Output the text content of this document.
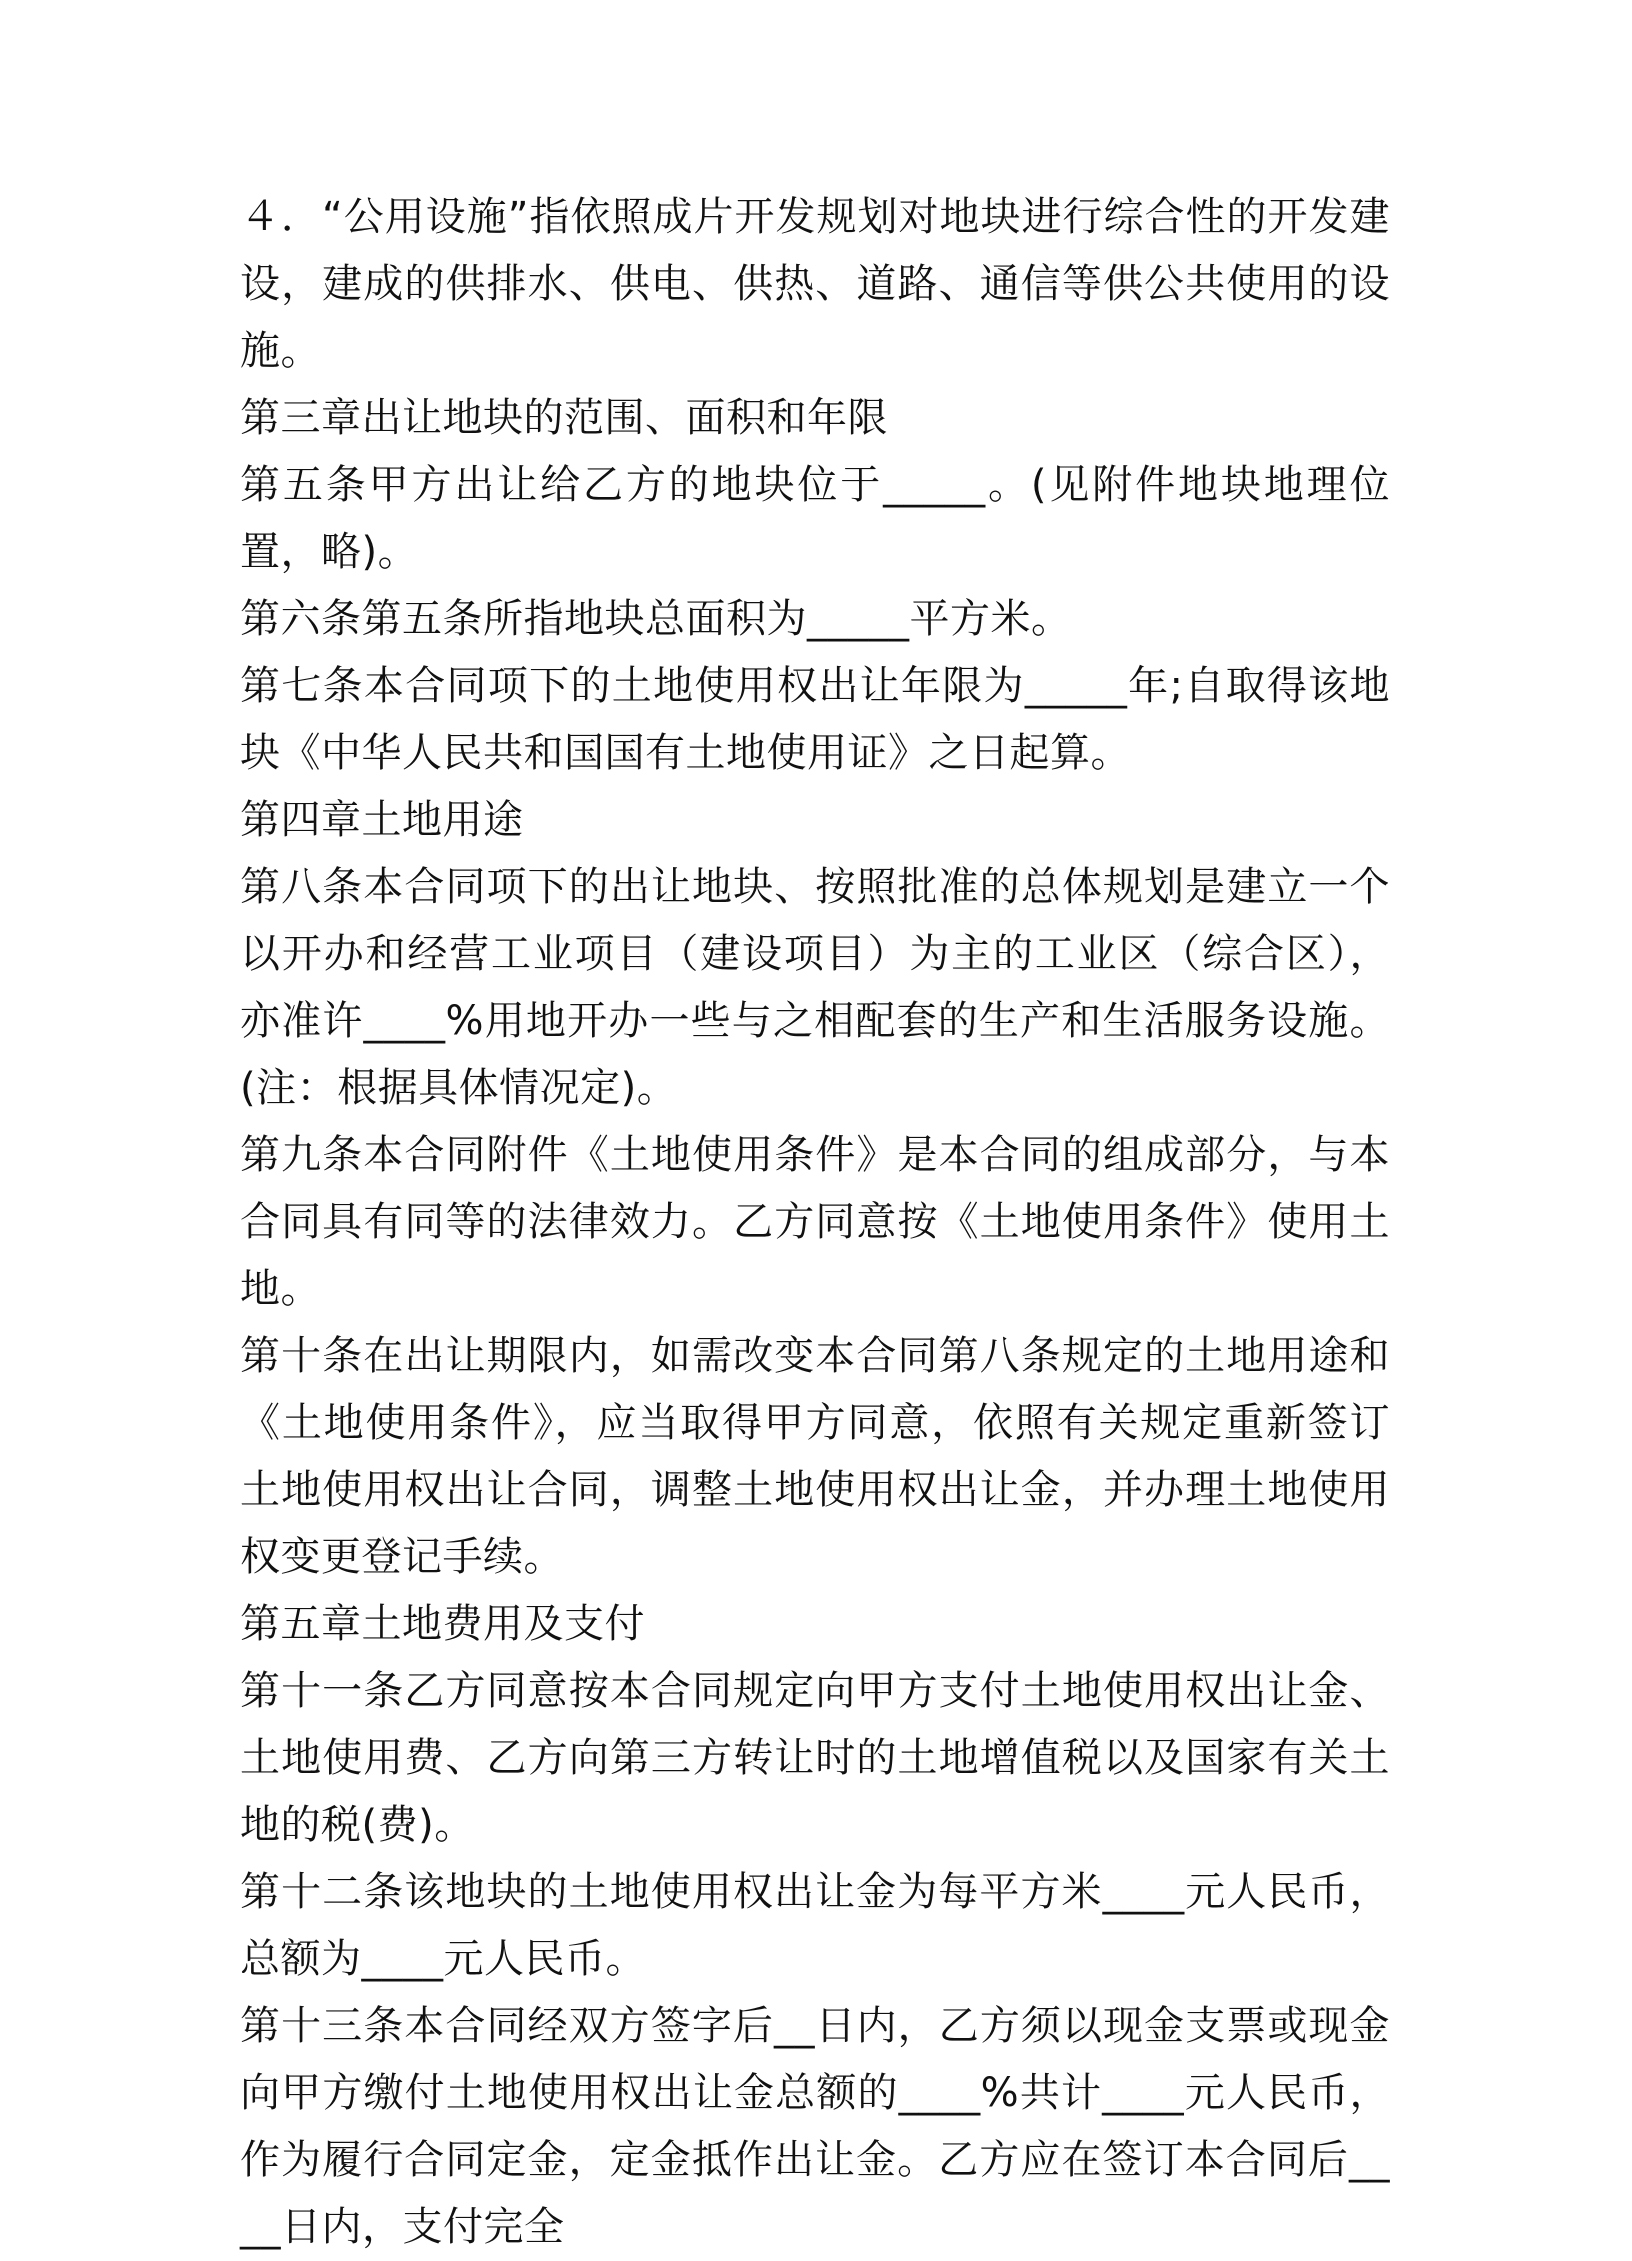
４．“公用设施”指依照成片开发规划对地块进行综合性的开发建设，建成的供排水、供电、供热、道路、通信等供公共使用的设施。

第三章出让地块的范围、面积和年限

第五条甲方出让给乙方的地块位于_____。(见附件地块地理位置，略)。

第六条第五条所指地块总面积为_____平方米。

第七条本合同项下的土地使用权出让年限为_____年;自取得该地块《中华人民共和国国有土地使用证》之日起算。

第四章土地用途

第八条本合同项下的出让地块、按照批准的总体规划是建立一个以开办和经营工业项目（建设项目）为主的工业区（综合区），亦准许____%用地开办一些与之相配套的生产和生活服务设施。(注：根据具体情况定)。

第九条本合同附件《土地使用条件》是本合同的组成部分，与本合同具有同等的法律效力。乙方同意按《土地使用条件》使用土地。

第十条在出让期限内，如需改变本合同第八条规定的土地用途和《土地使用条件》，应当取得甲方同意，依照有关规定重新签订土地使用权出让合同，调整土地使用权出让金，并办理土地使用权变更登记手续。

第五章土地费用及支付

第十一条乙方同意按本合同规定向甲方支付土地使用权出让金、土地使用费、乙方向第三方转让时的土地增值税以及国家有关土地的税(费)。

第十二条该地块的土地使用权出让金为每平方米____元人民币，总额为____元人民币。

第十三条本合同经双方签字后__日内，乙方须以现金支票或现金向甲方缴付土地使用权出让金总额的____%共计____元人民币，作为履行合同定金，定金抵作出让金。乙方应在签订本合同后____日内，支付完全
